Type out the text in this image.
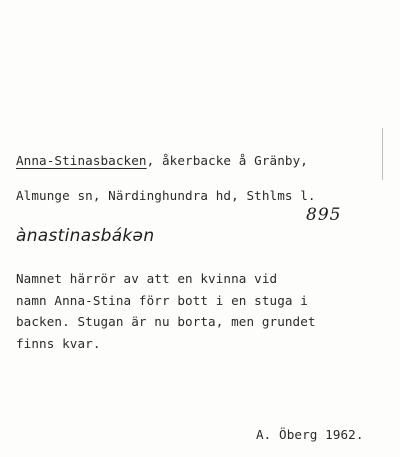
Anna-Stinasbacken, åkerbacke å Gränby,
Almunge sn, Närdinghundra hd, Sthlms l.
895
ànastinasbákәn
Namnet härrör av att en kvinna vid
namn Anna-Stina förr bott i en stuga i
backen. Stugan är nu borta, men grundet
finns kvar.
A. Öberg 1962.
